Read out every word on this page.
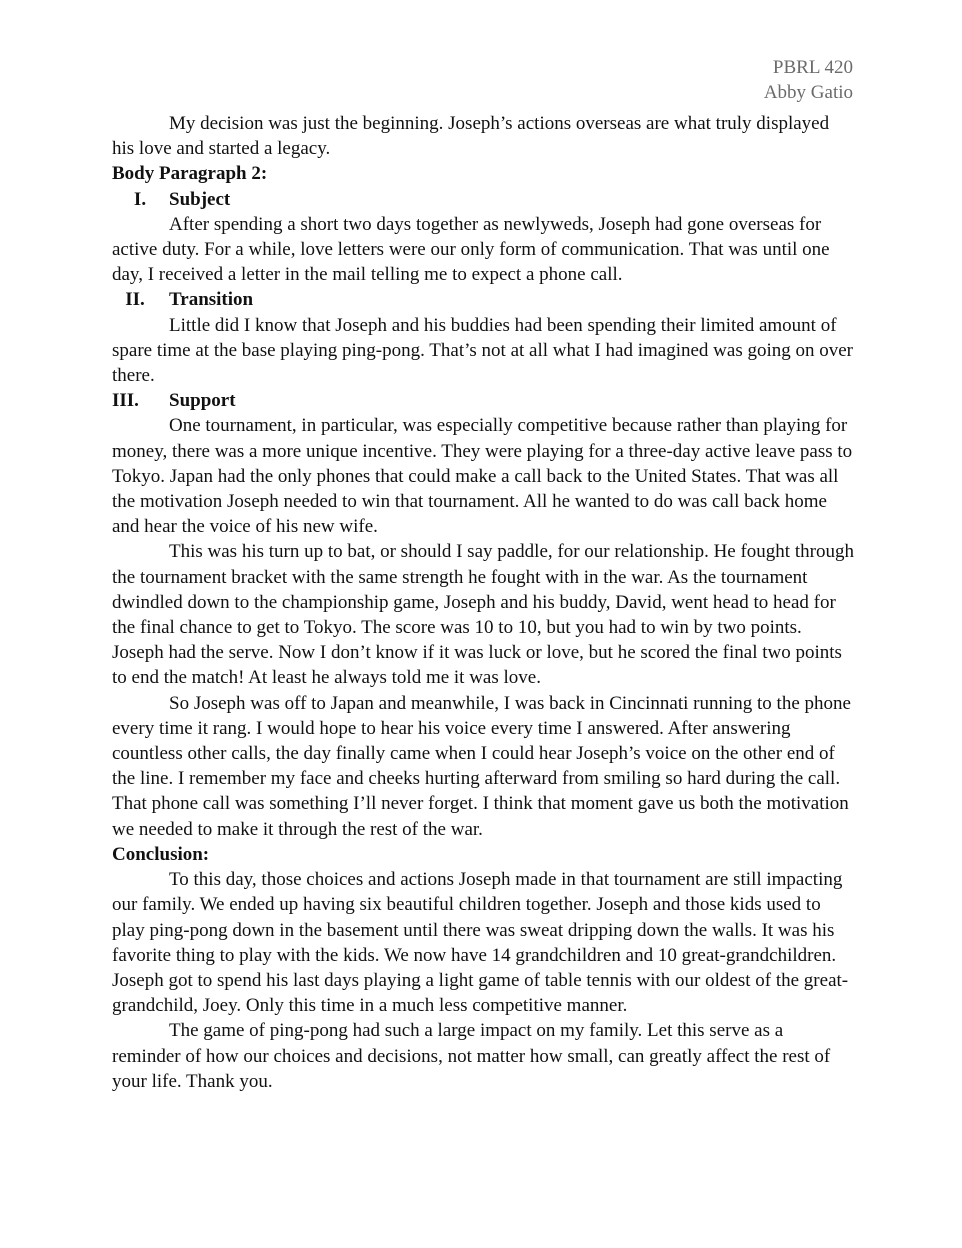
PBRL 420
Abby Gatio

My decision was just the beginning. Joseph’s actions overseas are what truly displayed his love and started a legacy.

Body Paragraph 2:

I.	Subject

After spending a short two days together as newlyweds, Joseph had gone overseas for active duty. For a while, love letters were our only form of communication. That was until one day, I received a letter in the mail telling me to expect a phone call.

II.	Transition

Little did I know that Joseph and his buddies had been spending their limited amount of spare time at the base playing ping-pong. That’s not at all what I had imagined was going on over there.

III.	Support

One tournament, in particular, was especially competitive because rather than playing for money, there was a more unique incentive. They were playing for a three-day active leave pass to Tokyo. Japan had the only phones that could make a call back to the United States. That was all the motivation Joseph needed to win that tournament. All he wanted to do was call back home and hear the voice of his new wife.

This was his turn up to bat, or should I say paddle, for our relationship. He fought through the tournament bracket with the same strength he fought with in the war. As the tournament dwindled down to the championship game, Joseph and his buddy, David, went head to head for the final chance to get to Tokyo. The score was 10 to 10, but you had to win by two points. Joseph had the serve. Now I don’t know if it was luck or love, but he scored the final two points to end the match! At least he always told me it was love.

So Joseph was off to Japan and meanwhile, I was back in Cincinnati running to the phone every time it rang. I would hope to hear his voice every time I answered. After answering countless other calls, the day finally came when I could hear Joseph’s voice on the other end of the line. I remember my face and cheeks hurting afterward from smiling so hard during the call. That phone call was something I’ll never forget. I think that moment gave us both the motivation we needed to make it through the rest of the war.

Conclusion:

To this day, those choices and actions Joseph made in that tournament are still impacting our family. We ended up having six beautiful children together. Joseph and those kids used to play ping-pong down in the basement until there was sweat dripping down the walls. It was his favorite thing to play with the kids. We now have 14 grandchildren and 10 great-grandchildren. Joseph got to spend his last days playing a light game of table tennis with our oldest of the great-grandchild, Joey. Only this time in a much less competitive manner.

The game of ping-pong had such a large impact on my family. Let this serve as a reminder of how our choices and decisions, not matter how small, can greatly affect the rest of your life. Thank you.
